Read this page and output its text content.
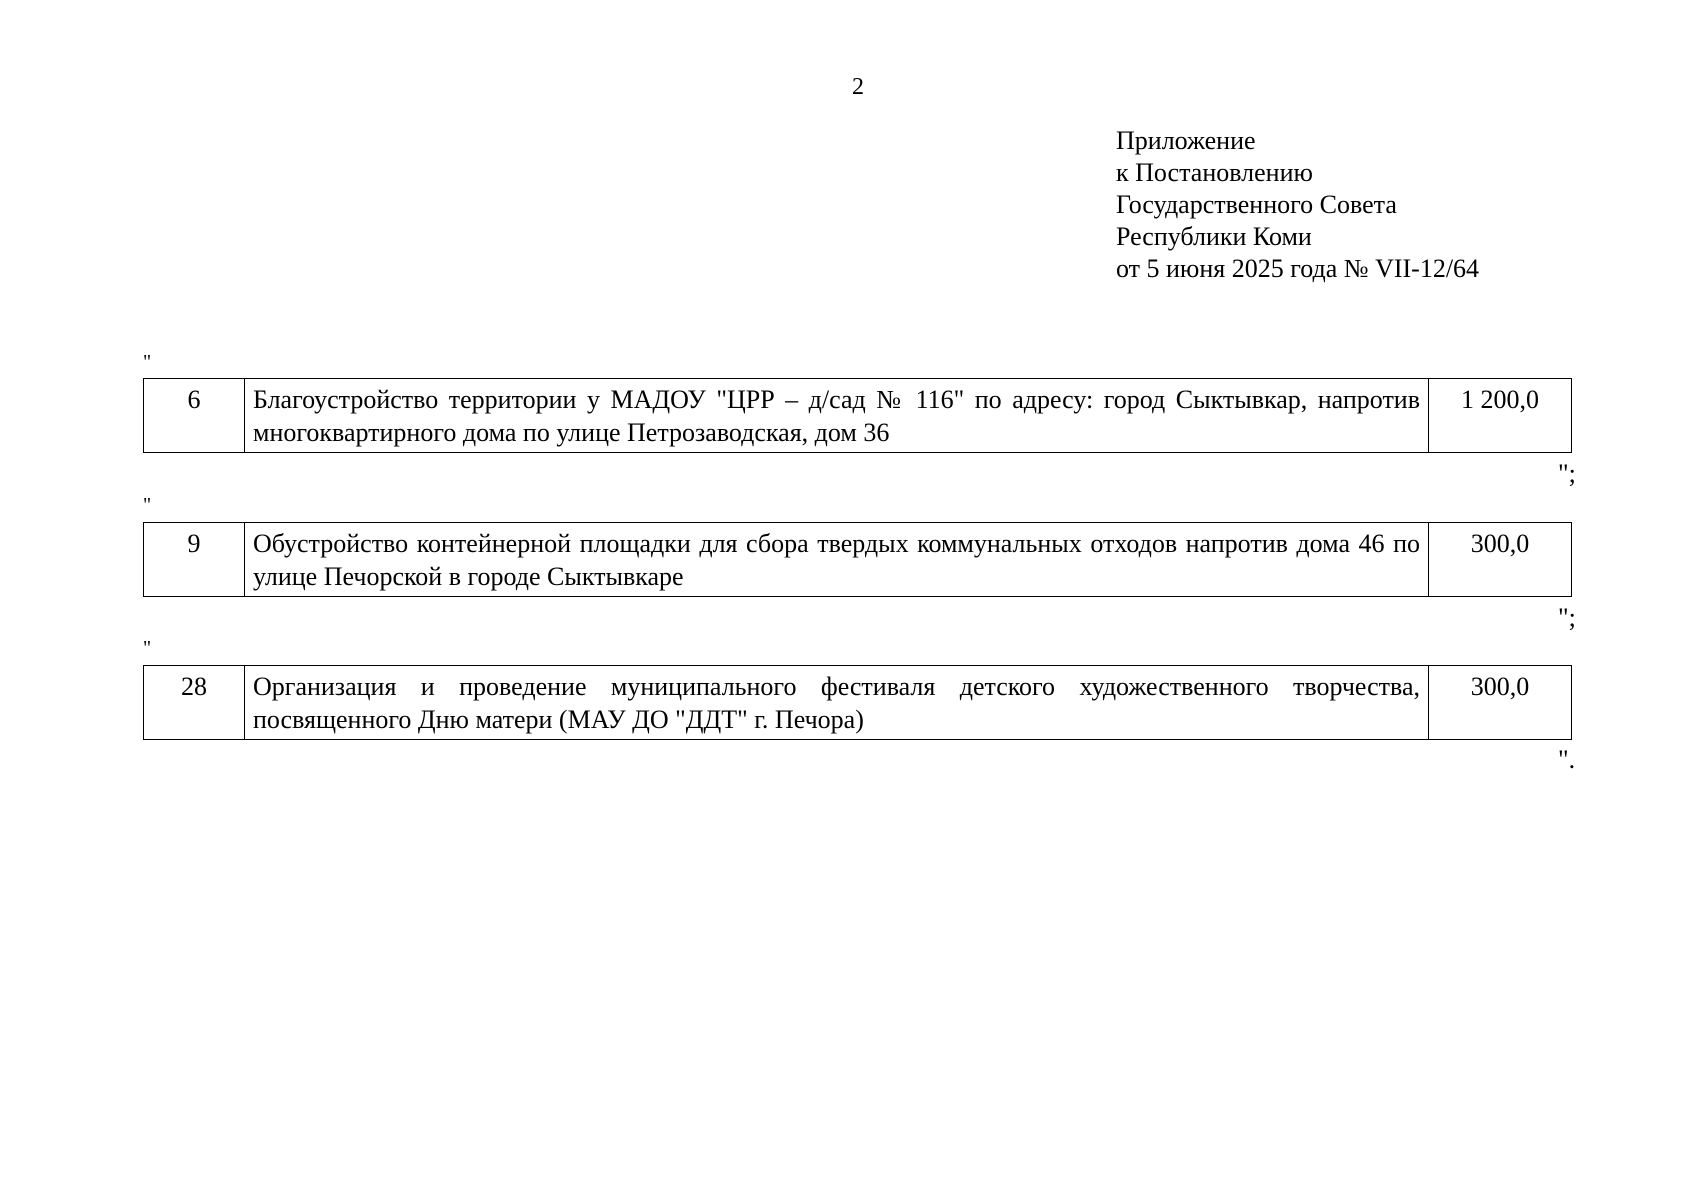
2
Приложение
к Постановлению
Государственного Совета
Республики Коми
от 5 июня 2025 года № VII-12/64
"
6	Благоустройство территории у МАДОУ "ЦРР – д/сад № 116" по адресу: город Сыктывкар, напротив многоквартирного дома по улице Петрозаводская, дом 36	1 200,0
";
"
9	Обустройство контейнерной площадки для сбора твердых коммунальных отходов напротив дома 46 по улице Печорской в городе Сыктывкаре	300,0
";
"
28	Организация и проведение муниципального фестиваля детского художественного творчества, посвященного Дню матери (МАУ ДО "ДДТ" г. Печора)	300,0
".
